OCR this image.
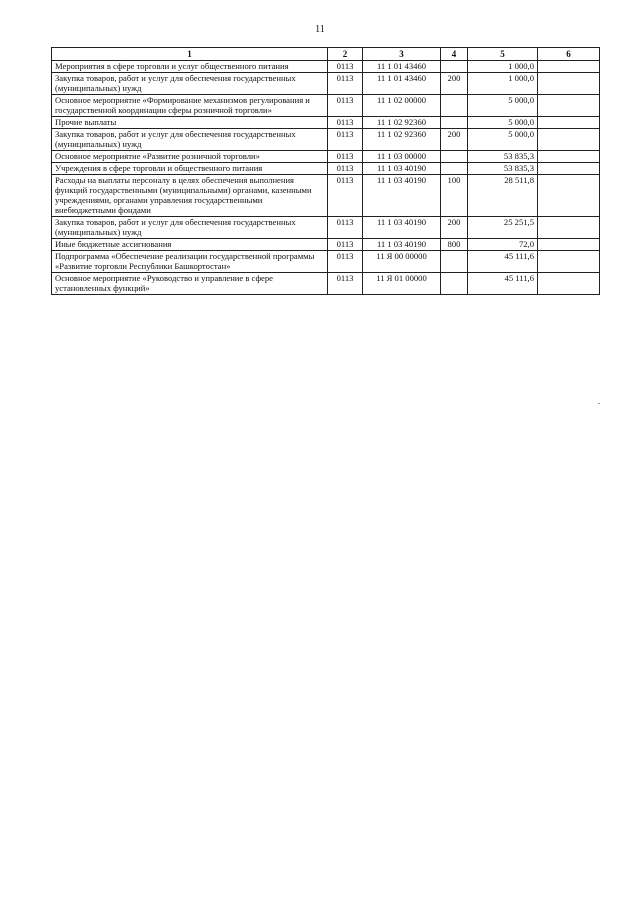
11
1	2	3	4	5	6
Мероприятия в сфере торговли и услуг общественного питания	0113	11 1 01 43460		1 000,0	
Закупка товаров, работ и услуг для обеспечения государственных (муниципальных) нужд	0113	11 1 01 43460	200	1 000,0	
Основное мероприятие «Формирование механизмов регулирования и государственной координации сферы розничной торговли»	0113	11 1 02 00000		5 000,0	
Прочие выплаты	0113	11 1 02 92360		5 000,0	
Закупка товаров, работ и услуг для обеспечения государственных (муниципальных) нужд	0113	11 1 02 92360	200	5 000,0	
Основное мероприятие «Развитие розничной торговли»	0113	11 1 03 00000		53 835,3	
Учреждения в сфере торговли и общественного питания	0113	11 1 03 40190		53 835,3	
Расходы на выплаты персоналу в целях обеспечения выполнения функций государственными (муниципальными) органами, казенными учреждениями, органами управления государственными внебюджетными фондами	0113	11 1 03 40190	100	28 511,8	
Закупка товаров, работ и услуг для обеспечения государственных (муниципальных) нужд	0113	11 1 03 40190	200	25 251,5	
Иные бюджетные ассигнования	0113	11 1 03 40190	800	72,0	
Подпрограмма «Обеспечение реализации государственной программы «Развитие торговли Республики Башкортостан»	0113	11 Я 00 00000		45 111,6	
Основное мероприятие «Руководство и управление в сфере установленных функций»	0113	11 Я 01 00000		45 111,6	
